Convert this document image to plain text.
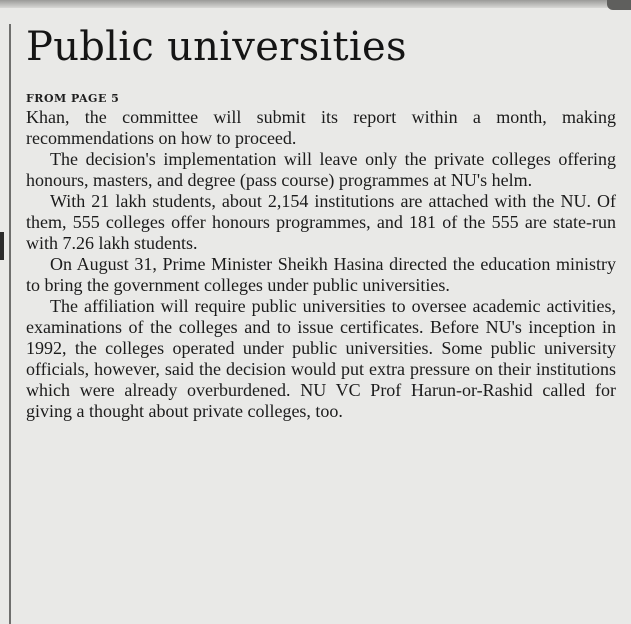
Public universities
FROM PAGE 5

Khan, the committee will submit its report within a month, making recommendations on how to proceed.

The decision's implementation will leave only the private colleges offering honours, masters, and degree (pass course) programmes at NU's helm.

With 21 lakh students, about 2,154 institutions are attached with the NU. Of them, 555 colleges offer honours programmes, and 181 of the 555 are state-run with 7.26 lakh students.

On August 31, Prime Minister Sheikh Hasina directed the education ministry to bring the government colleges under public universities.

The affiliation will require public universities to oversee academic activities, examinations of the colleges and to issue certificates. Before NU's inception in 1992, the colleges operated under public universities. Some public university officials, however, said the decision would put extra pressure on their institutions which were already overburdened. NU VC Prof Harun-or-Rashid called for giving a thought about private colleges, too.
